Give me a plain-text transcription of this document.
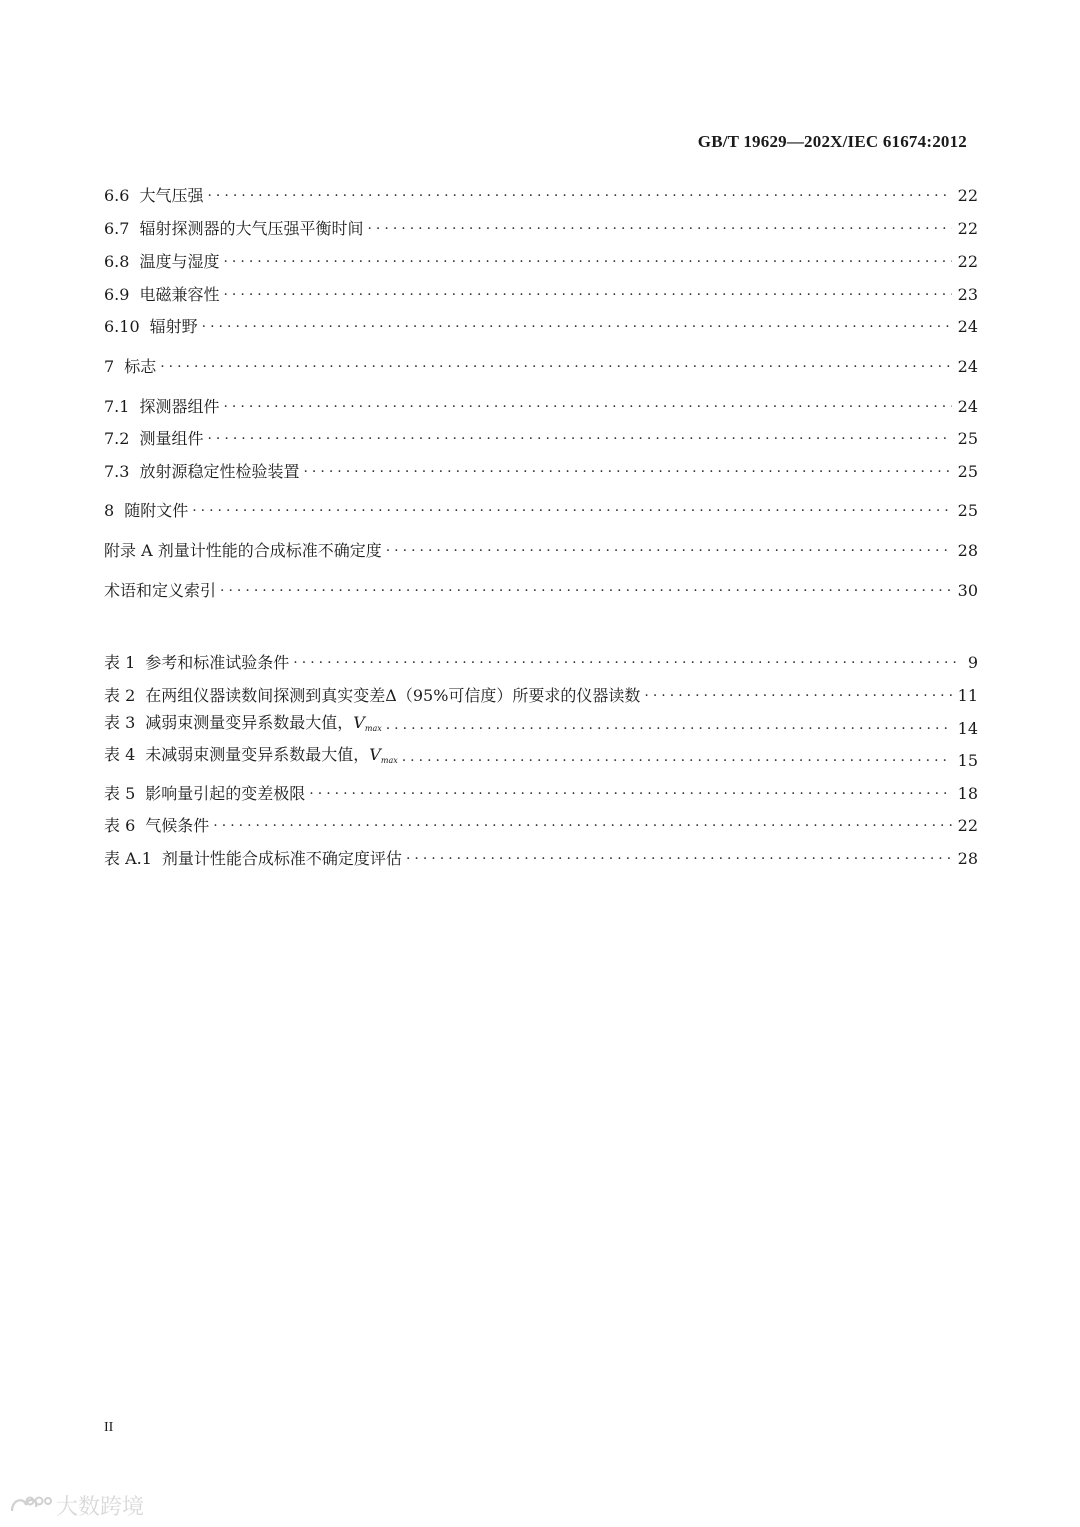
GB/T 19629—202X/IEC 61674:2012
6.6 大气压强 ·····	22
6.7 辐射探测器的大气压强平衡时间 ·····	22
6.8 温度与湿度 ·····	22
6.9 电磁兼容性 ·····	23
6.10 辐射野 ·····	24
7 标志 ·····	24
7.1 探测器组件 ·····	24
7.2 测量组件 ·····	25
7.3 放射源稳定性检验装置 ·····	25
8 随附文件 ·····	25
附录 A 剂量计性能的合成标准不确定度 ·····	28
术语和定义索引 ·····	30
表 1 参考和标准试验条件 ·····	9
表 2 在两组仪器读数间探测到真实变差Δ（95%可信度）所要求的仪器读数 ·····	11
表 3 减弱束测量变异系数最大值，Vmax ·····	14
表 4 未减弱束测量变异系数最大值，Vmax ·····	15
表 5 影响量引起的变差极限 ·····	18
表 6 气候条件 ·····	22
表 A.1 剂量计性能合成标准不确定度评估 ·····	28
II
大数跨境
